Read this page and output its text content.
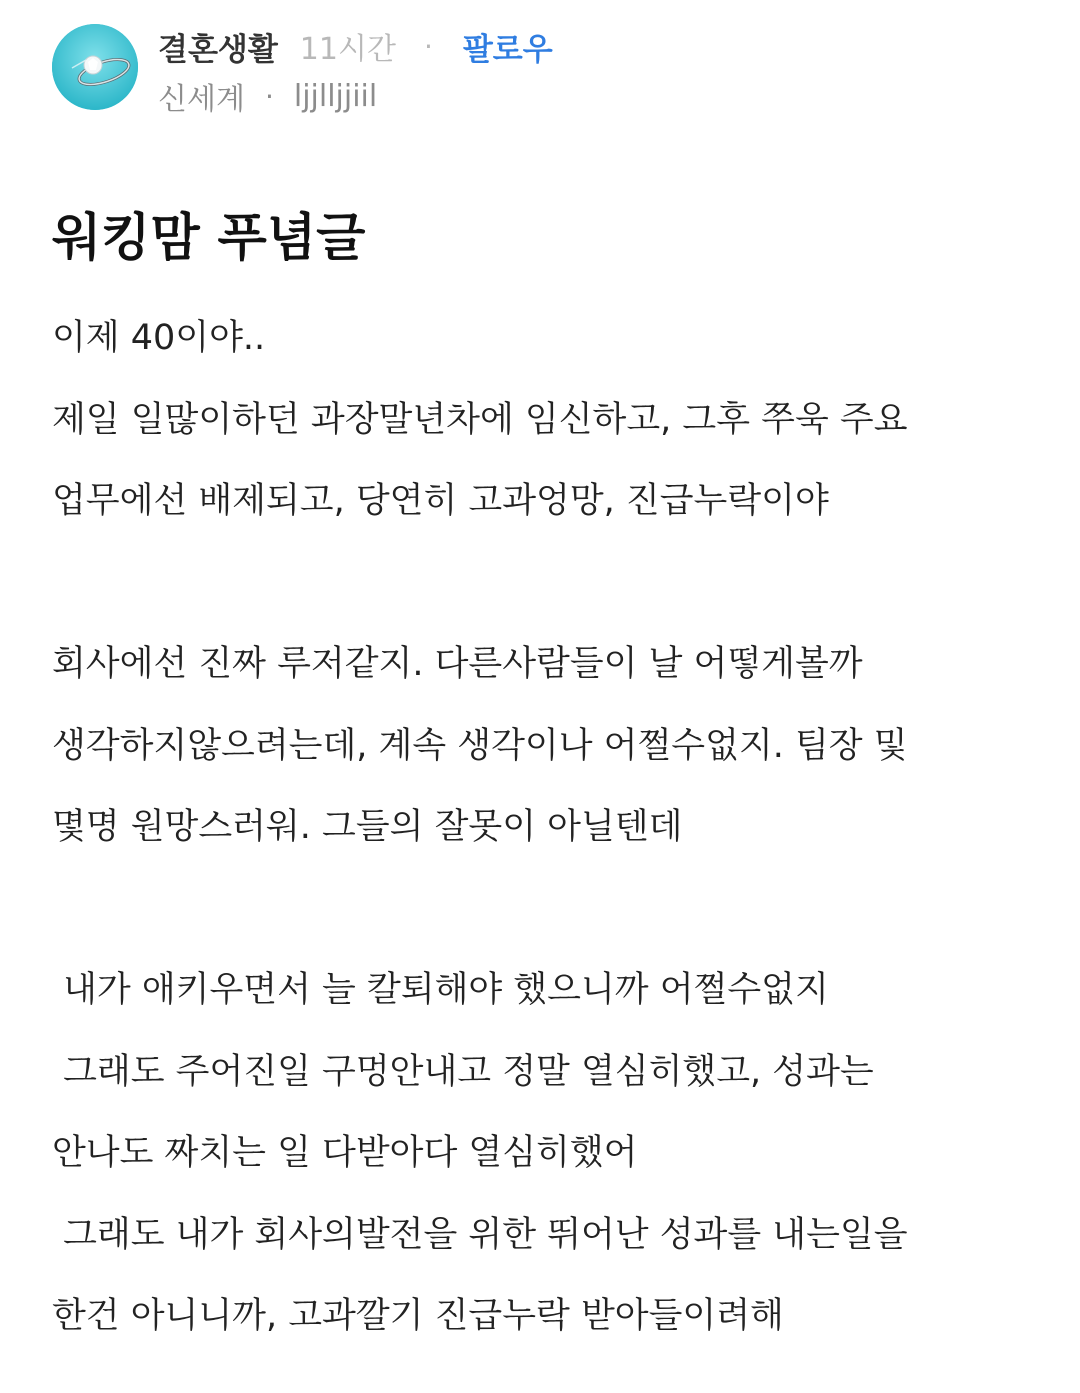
결혼생활 11시간 · 팔로우
신세계 · ljjlljjiil
워킹맘 푸념글
이제 40이야..
제일 일많이하던 과장말년차에 임신하고, 그후 쭈욱 주요
업무에선 배제되고, 당연히 고과엉망, 진급누락이야
회사에선 진짜 루저같지. 다른사람들이 날 어떻게볼까
생각하지않으려는데, 계속 생각이나 어쩔수없지. 팀장 및
몇명 원망스러워. 그들의 잘못이 아닐텐데
내가 애키우면서 늘 칼퇴해야 했으니까 어쩔수없지
그래도 주어진일 구멍안내고 정말 열심히했고, 성과는
안나도 짜치는 일 다받아다 열심히했어
그래도 내가 회사의발전을 위한 뛰어난 성과를 내는일을
한건 아니니까, 고과깔기 진급누락 받아들이려해
